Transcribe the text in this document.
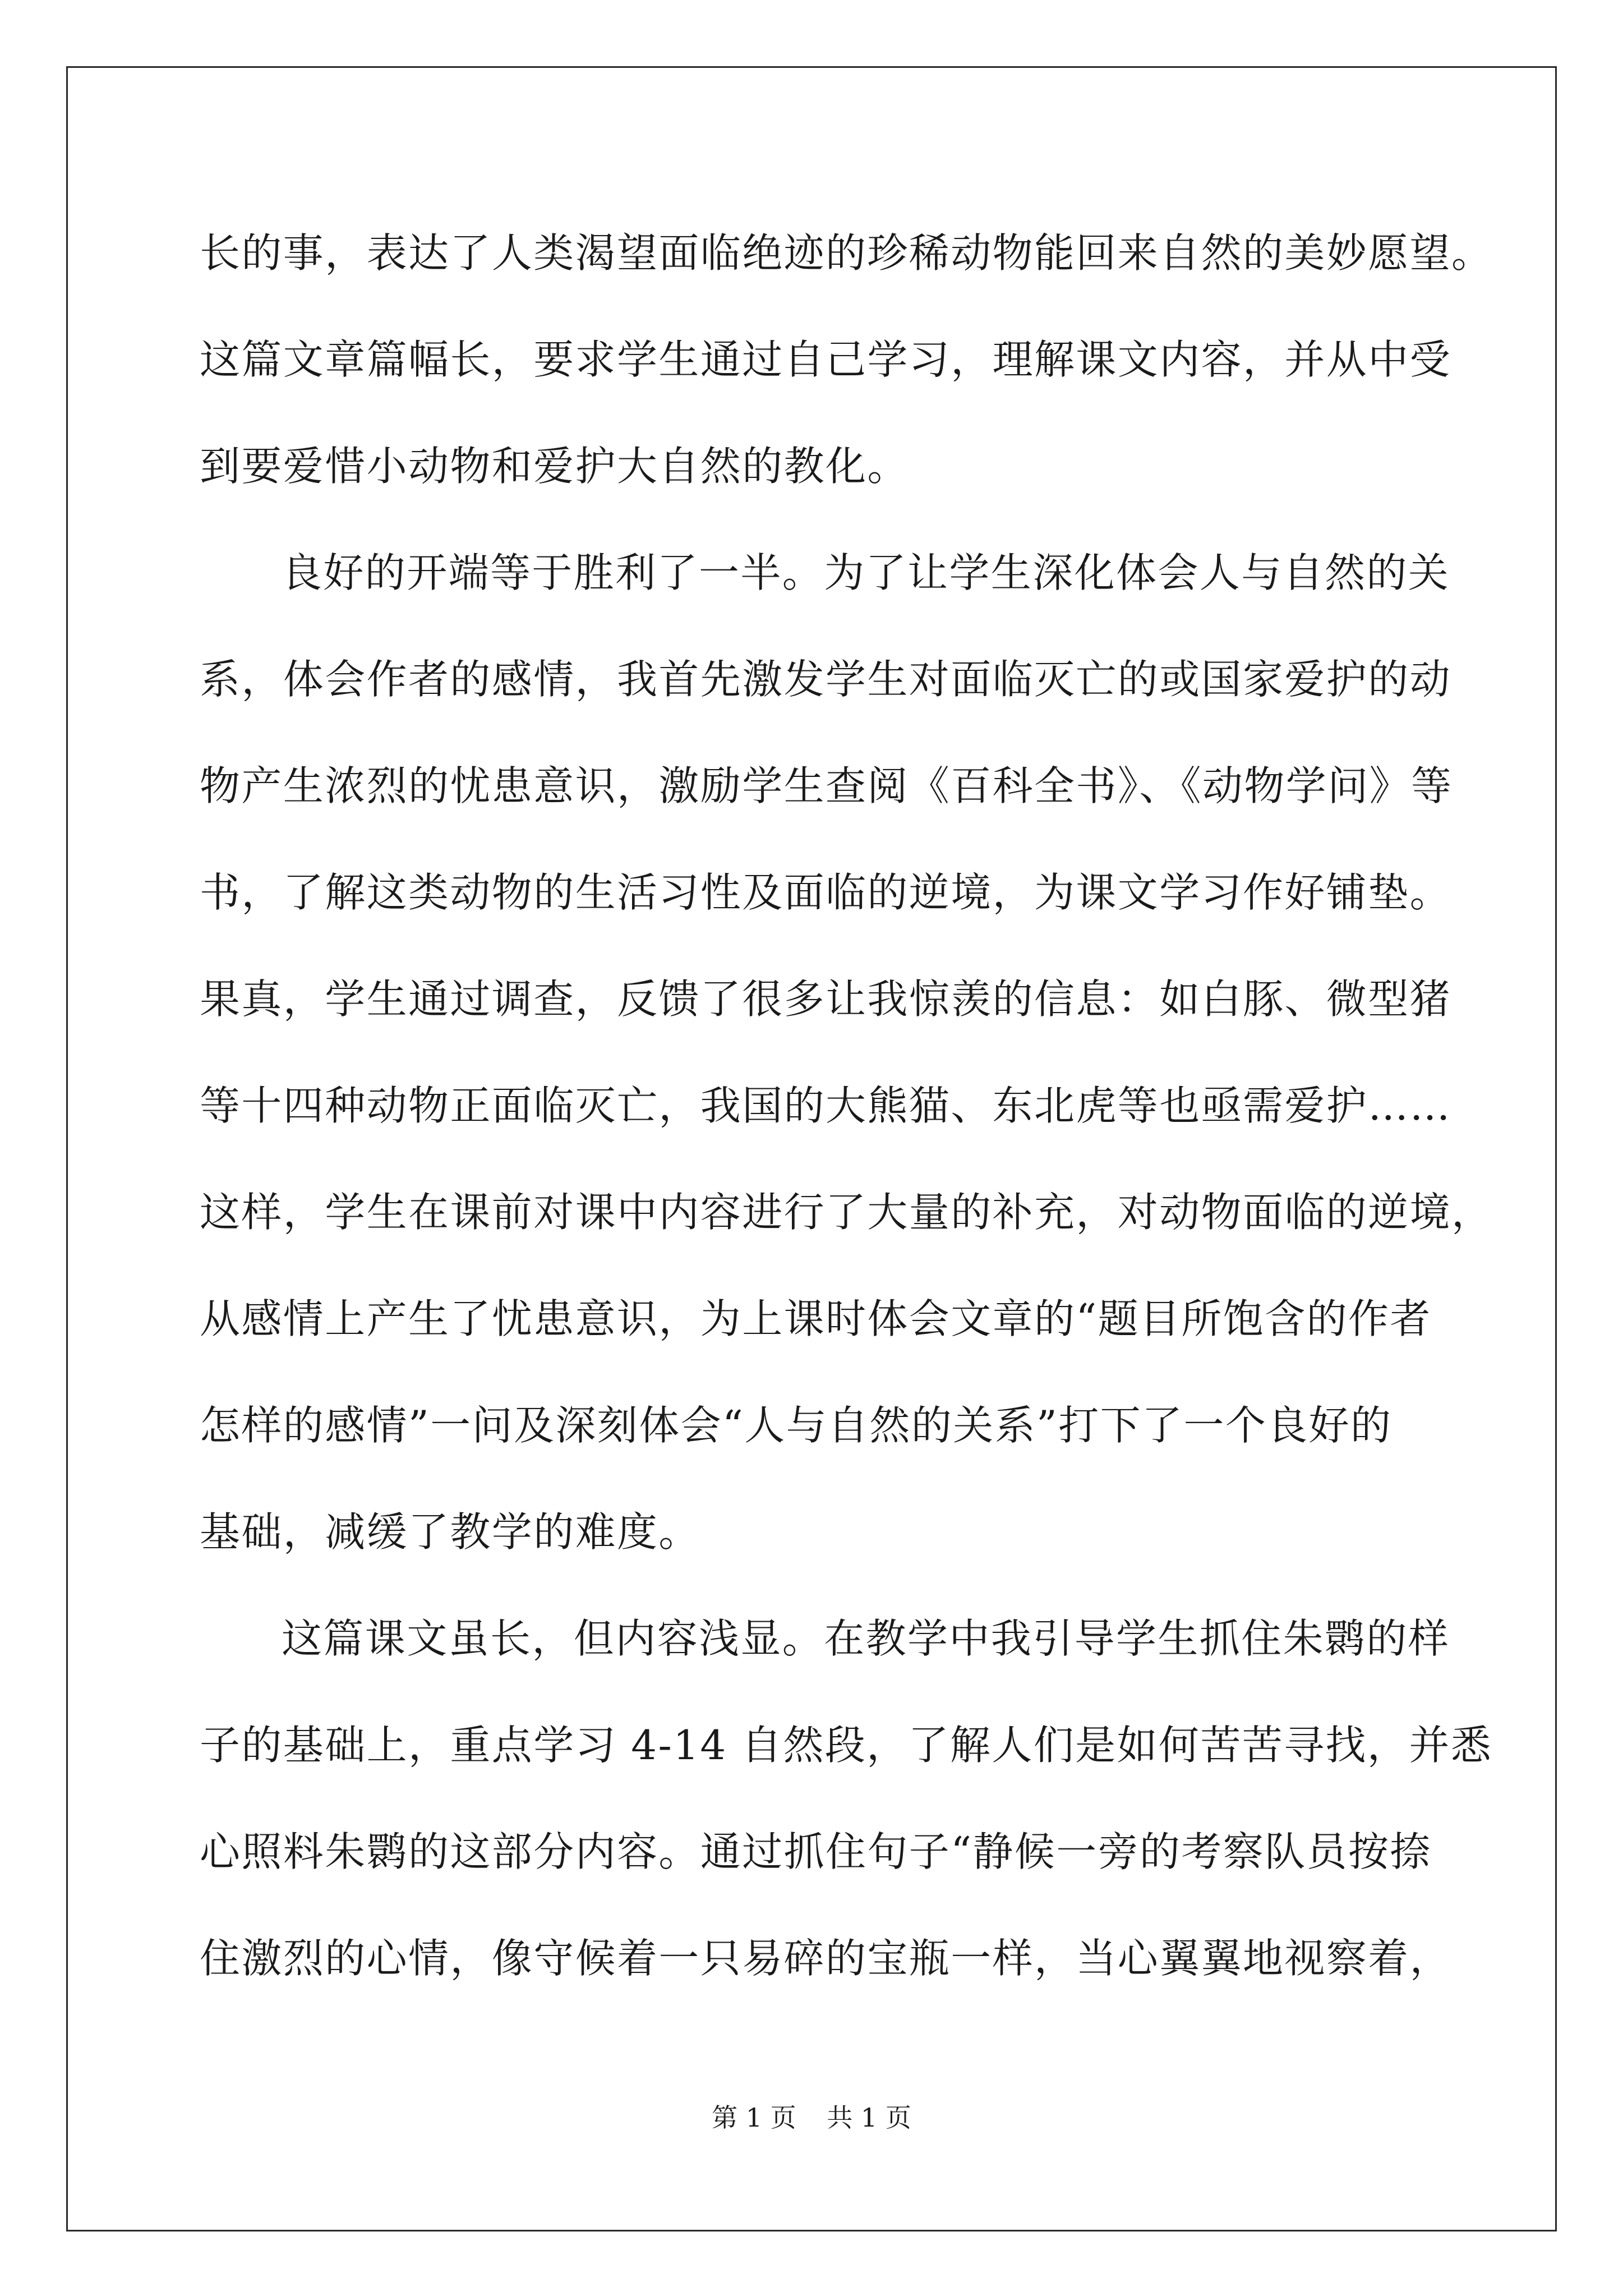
长的事，表达了人类渴望面临绝迹的珍稀动物能回来自然的美妙愿望。
这篇文章篇幅长，要求学生通过自己学习，理解课文内容，并从中受
到要爱惜小动物和爱护大自然的教化。
良好的开端等于胜利了一半。为了让学生深化体会人与自然的关
系，体会作者的感情，我首先激发学生对面临灭亡的或国家爱护的动
物产生浓烈的忧患意识，激励学生查阅《百科全书》、《动物学问》等
书，了解这类动物的生活习性及面临的逆境，为课文学习作好铺垫。
果真，学生通过调查，反馈了很多让我惊羡的信息：如白豚、微型猪
等十四种动物正面临灭亡，我国的大熊猫、东北虎等也亟需爱护……
这样，学生在课前对课中内容进行了大量的补充，对动物面临的逆境，
从感情上产生了忧患意识，为上课时体会文章的“题目所饱含的作者
怎样的感情”一问及深刻体会“人与自然的关系”打下了一个良好的
基础，减缓了教学的难度。
这篇课文虽长，但内容浅显。在教学中我引导学生抓住朱鹮的样
子的基础上，重点学习 4-14 自然段，了解人们是如何苦苦寻找，并悉
心照料朱鹮的这部分内容。通过抓住句子“静候一旁的考察队员按捺
住激烈的心情，像守候着一只易碎的宝瓶一样，当心翼翼地视察着，
第 1 页 共 1 页
